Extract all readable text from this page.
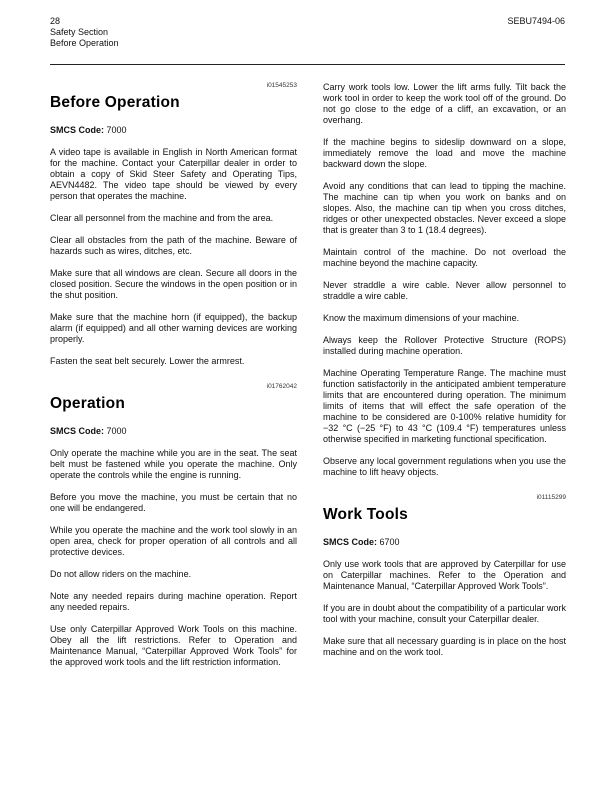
28
Safety Section
Before Operation
SEBU7494-06

i01545253

Before Operation

SMCS Code: 7000

A video tape is available in English in North American format for the machine. Contact your Caterpillar dealer in order to obtain a copy of Skid Steer Safety and Operating Tips, AEVN4482. The video tape should be viewed by every person that operates the machine.

Clear all personnel from the machine and from the area.

Clear all obstacles from the path of the machine. Beware of hazards such as wires, ditches, etc.

Make sure that all windows are clean. Secure all doors in the closed position. Secure the windows in the open position or in the shut position.

Make sure that the machine horn (if equipped), the backup alarm (if equipped) and all other warning devices are working properly.

Fasten the seat belt securely. Lower the armrest.

i01762042

Operation

SMCS Code: 7000

Only operate the machine while you are in the seat. The seat belt must be fastened while you operate the machine. Only operate the controls while the engine is running.

Before you move the machine, you must be certain that no one will be endangered.

While you operate the machine and the work tool slowly in an open area, check for proper operation of all controls and all protective devices.

Do not allow riders on the machine.

Note any needed repairs during machine operation. Report any needed repairs.

Use only Caterpillar Approved Work Tools on this machine. Obey all the lift restrictions. Refer to Operation and Maintenance Manual, “Caterpillar Approved Work Tools” for the approved work tools and the lift restriction information.

Carry work tools low. Lower the lift arms fully. Tilt back the work tool in order to keep the work tool off of the ground. Do not go close to the edge of a cliff, an excavation, or an overhang.

If the machine begins to sideslip downward on a slope, immediately remove the load and move the machine backward down the slope.

Avoid any conditions that can lead to tipping the machine. The machine can tip when you work on banks and on slopes. Also, the machine can tip when you cross ditches, ridges or other unexpected obstacles. Never exceed a slope that is greater than 3 to 1 (18.4 degrees).

Maintain control of the machine. Do not overload the machine beyond the machine capacity.

Never straddle a wire cable. Never allow personnel to straddle a wire cable.

Know the maximum dimensions of your machine.

Always keep the Rollover Protective Structure (ROPS) installed during machine operation.

Machine Operating Temperature Range. The machine must function satisfactorily in the anticipated ambient temperature limits that are encountered during operation. The minimum limits of items that will effect the safe operation of the machine to be considered are 0-100% relative humidity for −32 °C (−25 °F) to 43 °C (109.4 °F) temperatures unless otherwise specified in marketing functional specification.

Observe any local government regulations when you use the machine to lift heavy objects.

i01115299

Work Tools

SMCS Code: 6700

Only use work tools that are approved by Caterpillar for use on Caterpillar machines. Refer to the Operation and Maintenance Manual, “Caterpillar Approved Work Tools”.

If you are in doubt about the compatibility of a particular work tool with your machine, consult your Caterpillar dealer.

Make sure that all necessary guarding is in place on the host machine and on the work tool.
